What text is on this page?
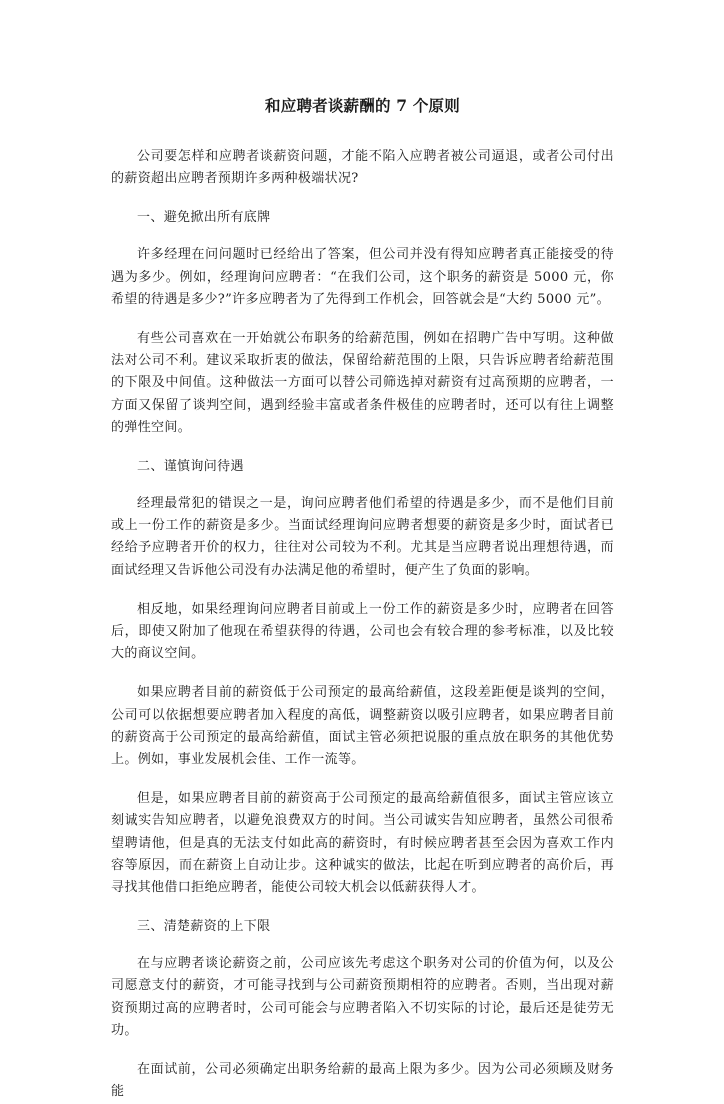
和应聘者谈薪酬的 7 个原则

公司要怎样和应聘者谈薪资问题，才能不陷入应聘者被公司逼退，或者公司付出的薪资超出应聘者预期许多两种极端状况?

一、避免掀出所有底牌

许多经理在问问题时已经给出了答案，但公司并没有得知应聘者真正能接受的待遇为多少。例如，经理询问应聘者：“在我们公司，这个职务的薪资是 5000 元，你希望的待遇是多少?”许多应聘者为了先得到工作机会，回答就会是“大约 5000 元”。

有些公司喜欢在一开始就公布职务的给薪范围，例如在招聘广告中写明。这种做法对公司不利。建议采取折衷的做法，保留给薪范围的上限，只告诉应聘者给薪范围的下限及中间值。这种做法一方面可以替公司筛选掉对薪资有过高预期的应聘者，一方面又保留了谈判空间，遇到经验丰富或者条件极佳的应聘者时，还可以有往上调整的弹性空间。

二、谨慎询问待遇

经理最常犯的错误之一是，询问应聘者他们希望的待遇是多少，而不是他们目前或上一份工作的薪资是多少。当面试经理询问应聘者想要的薪资是多少时，面试者已经给予应聘者开价的权力，往往对公司较为不利。尤其是当应聘者说出理想待遇，而面试经理又告诉他公司没有办法满足他的希望时，便产生了负面的影响。

相反地，如果经理询问应聘者目前或上一份工作的薪资是多少时，应聘者在回答后，即使又附加了他现在希望获得的待遇，公司也会有较合理的参考标准，以及比较大的商议空间。

如果应聘者目前的薪资低于公司预定的最高给薪值，这段差距便是谈判的空间，公司可以依据想要应聘者加入程度的高低，调整薪资以吸引应聘者，如果应聘者目前的薪资高于公司预定的最高给薪值，面试主管必须把说服的重点放在职务的其他优势上。例如，事业发展机会佳、工作一流等。

但是，如果应聘者目前的薪资高于公司预定的最高给薪值很多，面试主管应该立刻诚实告知应聘者，以避免浪费双方的时间。当公司诚实告知应聘者，虽然公司很希望聘请他，但是真的无法支付如此高的薪资时，有时候应聘者甚至会因为喜欢工作内容等原因，而在薪资上自动让步。这种诚实的做法，比起在听到应聘者的高价后，再寻找其他借口拒绝应聘者，能使公司较大机会以低薪获得人才。

三、清楚薪资的上下限

在与应聘者谈论薪资之前，公司应该先考虑这个职务对公司的价值为何，以及公司愿意支付的薪资，才可能寻找到与公司薪资预期相符的应聘者。否则，当出现对薪资预期过高的应聘者时，公司可能会与应聘者陷入不切实际的讨论，最后还是徒劳无功。

在面试前，公司必须确定出职务给薪的最高上限为多少。因为公司必须顾及财务能
